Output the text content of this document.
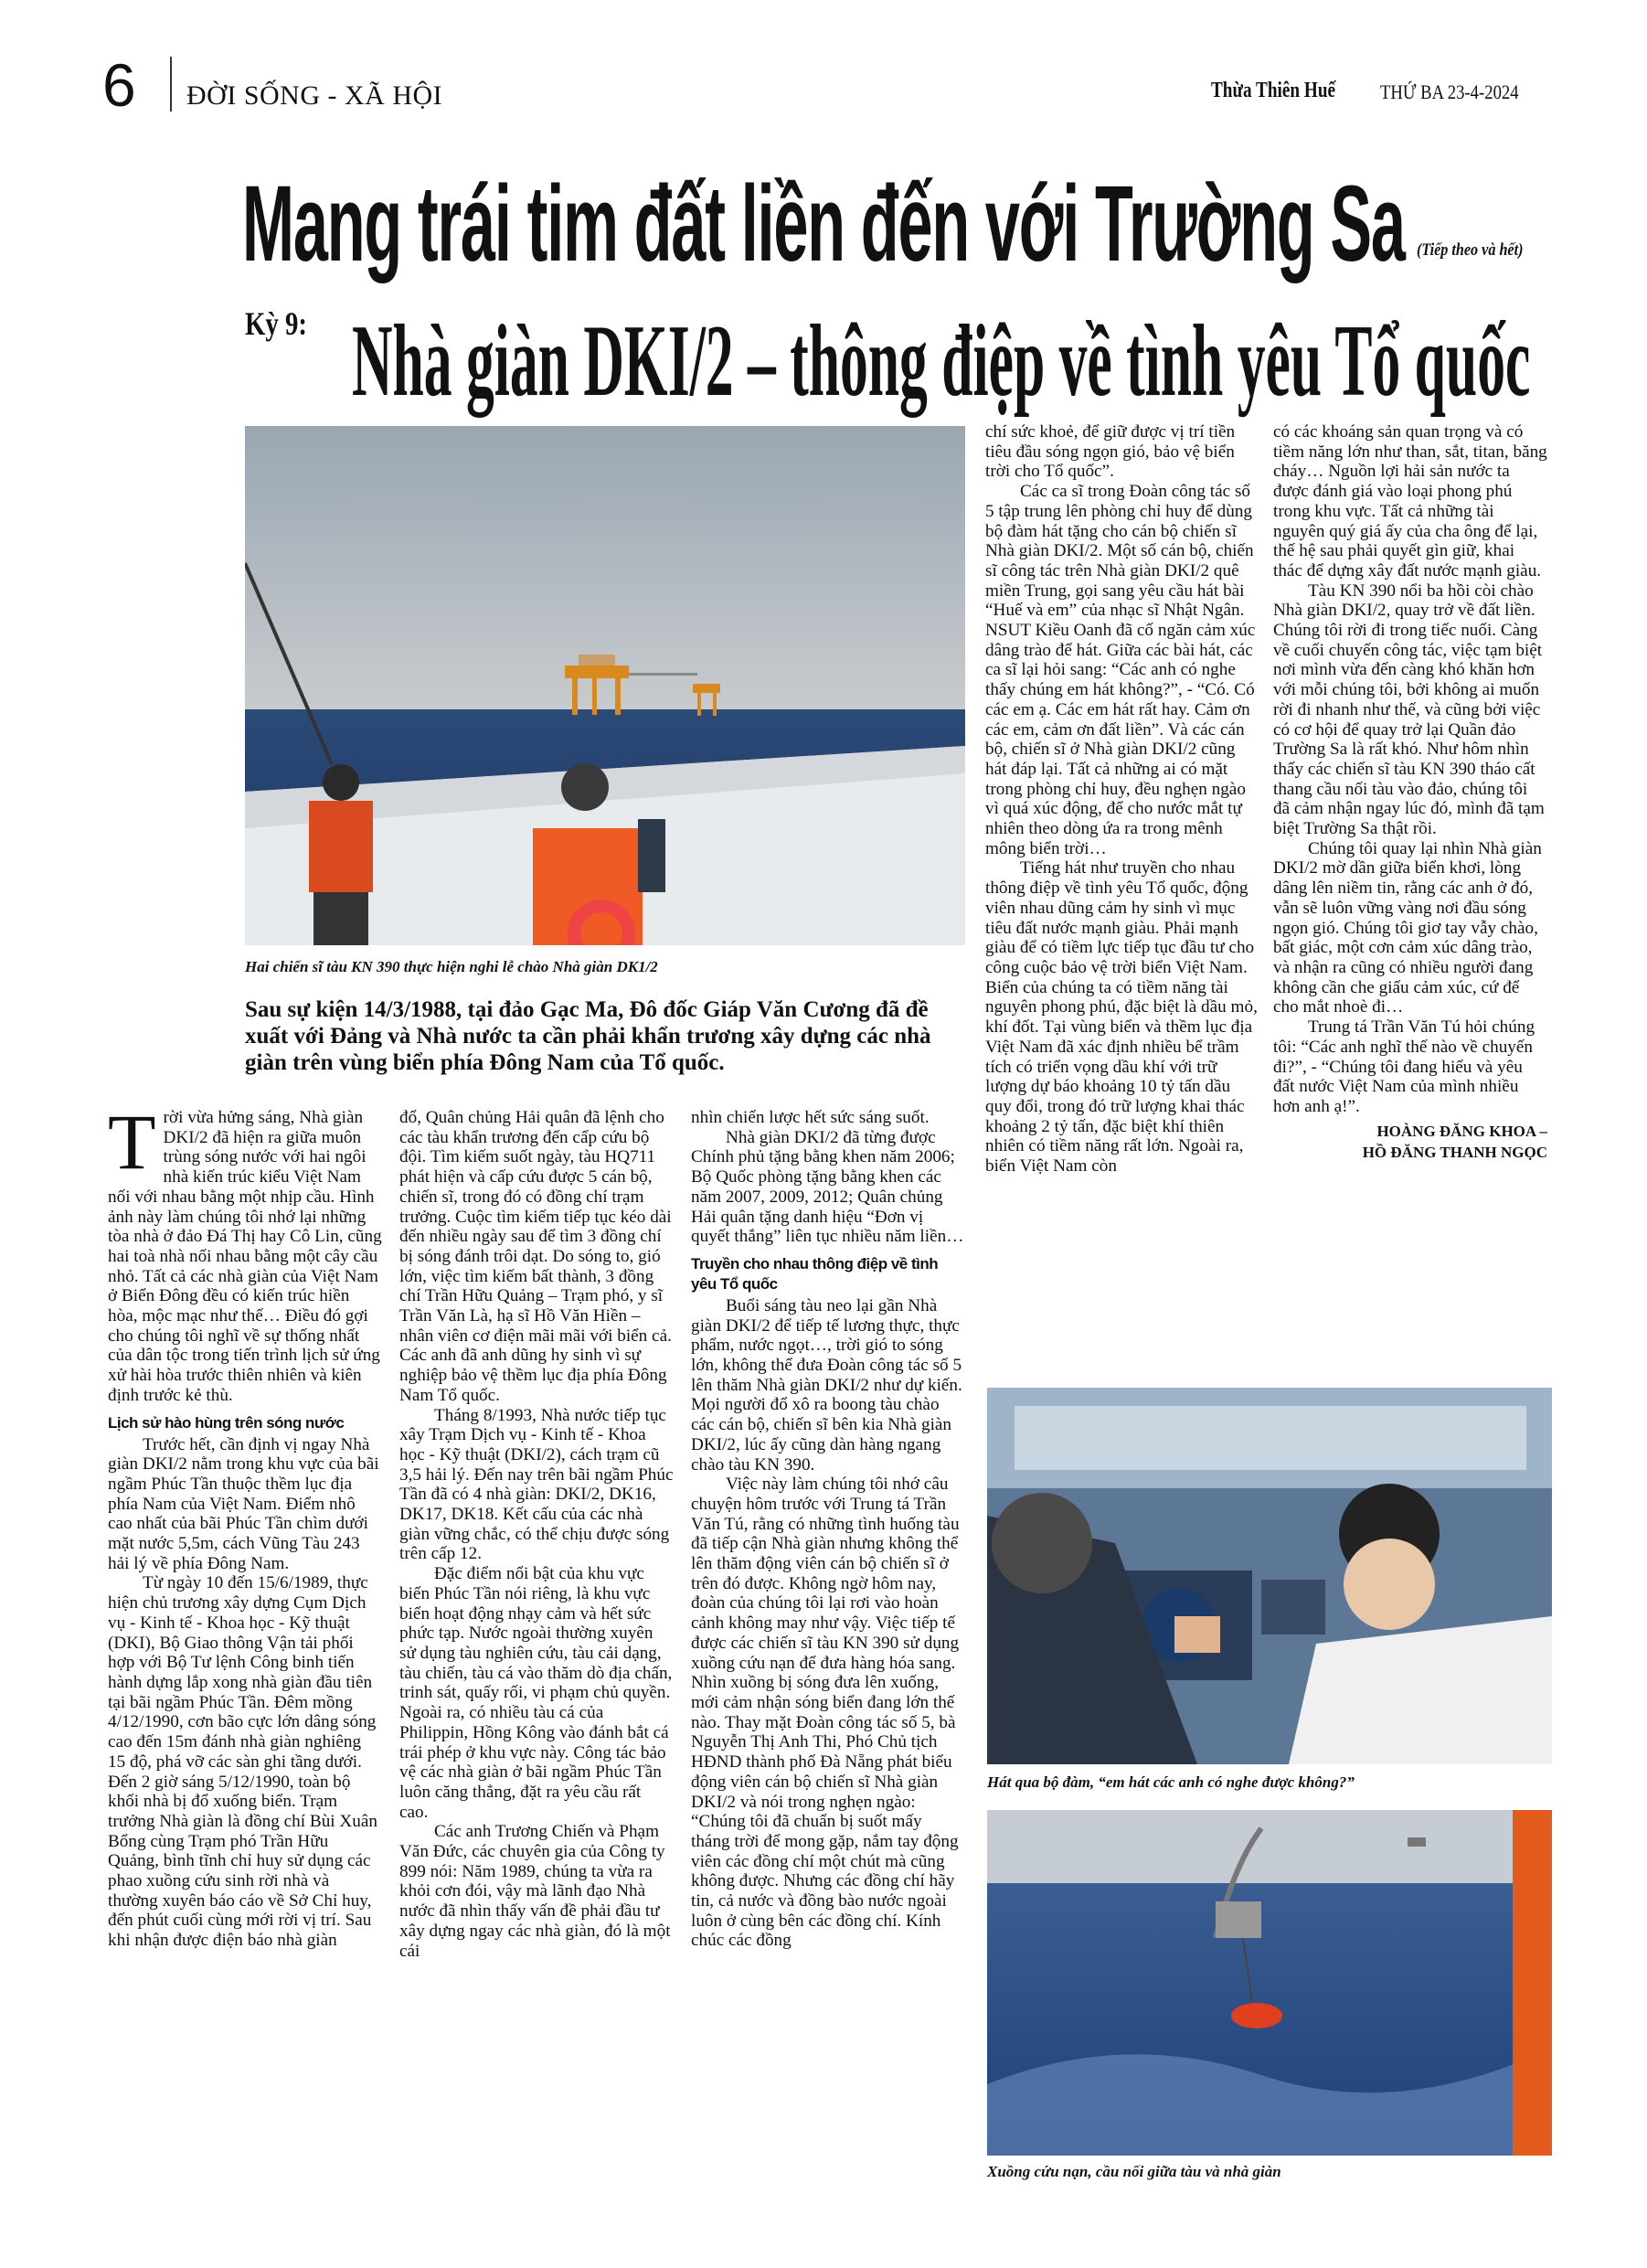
6 ĐỜI SỐNG - XÃ HỘI	Thừa Thiên Huế THỨ BA 23-4-2024
Mang trái tim đất liền đến với Trường Sa (Tiếp theo và hết)
Kỳ 9: Nhà giàn DKI/2 – thông điệp về tình yêu Tổ quốc
Hai chiến sĩ tàu KN 390 thực hiện nghi lễ chào Nhà giàn DK1/2
Sau sự kiện 14/3/1988, tại đảo Gạc Ma, Đô đốc Giáp Văn Cương đã đề xuất với Đảng và Nhà nước ta cần phải khẩn trương xây dựng các nhà giàn trên vùng biển phía Đông Nam của Tổ quốc.
T rời vừa hửng sáng, Nhà giàn DKI/2 đã hiện ra giữa muôn trùng sóng nước với hai ngôi nhà kiến trúc kiểu Việt Nam nối với nhau bằng một nhịp cầu. Hình ảnh này làm chúng tôi nhớ lại những tòa nhà ở đảo Đá Thị hay Cô Lin, cũng hai toà nhà nối nhau bằng một cây cầu nhỏ. Tất cả các nhà giàn của Việt Nam ở Biển Đông đều có kiến trúc hiền hòa, mộc mạc như thế… Điều đó gợi cho chúng tôi nghĩ về sự thống nhất của dân tộc trong tiến trình lịch sử ứng xử hài hòa trước thiên nhiên và kiên định trước kẻ thù.

Lịch sử hào hùng trên sóng nước

Trước hết, cần định vị ngay Nhà giàn DKI/2 nằm trong khu vực của bãi ngầm Phúc Tần thuộc thềm lục địa phía Nam của Việt Nam. Điểm nhô cao nhất của bãi Phúc Tần chìm dưới mặt nước 5,5m, cách Vũng Tàu 243 hải lý về phía Đông Nam.

Từ ngày 10 đến 15/6/1989, thực hiện chủ trương xây dựng Cụm Dịch vụ - Kinh tế - Khoa học - Kỹ thuật (DKI), Bộ Giao thông Vận tải phối hợp với Bộ Tư lệnh Công binh tiến hành dựng lắp xong nhà giàn đầu tiên tại bãi ngầm Phúc Tần. Đêm mồng 4/12/1990, cơn bão cực lớn dâng sóng cao đến 15m đánh nhà giàn nghiêng 15 độ, phá vỡ các sàn ghi tầng dưới. Đến 2 giờ sáng 5/12/1990, toàn bộ khối nhà bị đổ xuống biển. Trạm trưởng Nhà giàn là đồng chí Bùi Xuân Bổng cùng Trạm phó Trần Hữu Quảng, bình tĩnh chỉ huy sử dụng các phao xuồng cứu sinh rời nhà và thường xuyên báo cáo về Sở Chỉ huy, đến phút cuối cùng mới rời vị trí. Sau khi nhận được điện báo nhà giàn

đổ, Quân chủng Hải quân đã lệnh cho các tàu khẩn trương đến cấp cứu bộ đội. Tìm kiếm suốt ngày, tàu HQ711 phát hiện và cấp cứu được 5 cán bộ, chiến sĩ, trong đó có đồng chí trạm trưởng. Cuộc tìm kiếm tiếp tục kéo dài đến nhiều ngày sau để tìm 3 đồng chí bị sóng đánh trôi dạt. Do sóng to, gió lớn, việc tìm kiếm bất thành, 3 đồng chí Trần Hữu Quảng – Trạm phó, y sĩ Trần Văn Là, hạ sĩ Hồ Văn Hiền – nhân viên cơ điện mãi mãi với biển cả. Các anh đã anh dũng hy sinh vì sự nghiệp bảo vệ thềm lục địa phía Đông Nam Tổ quốc.

Tháng 8/1993, Nhà nước tiếp tục xây Trạm Dịch vụ - Kinh tế - Khoa học - Kỹ thuật (DKI/2), cách trạm cũ 3,5 hải lý. Đến nay trên bãi ngầm Phúc Tần đã có 4 nhà giàn: DKI/2, DK16, DK17, DK18. Kết cấu của các nhà giàn vững chắc, có thể chịu được sóng trên cấp 12.

Đặc điểm nổi bật của khu vực biển Phúc Tần nói riêng, là khu vực biển hoạt động nhạy cảm và hết sức phức tạp. Nước ngoài thường xuyên sử dụng tàu nghiên cứu, tàu cải dạng, tàu chiến, tàu cá vào thăm dò địa chấn, trinh sát, quấy rối, vi phạm chủ quyền. Ngoài ra, có nhiều tàu cá của Philippin, Hồng Kông vào đánh bắt cá trái phép ở khu vực này. Công tác bảo vệ các nhà giàn ở bãi ngầm Phúc Tần luôn căng thẳng, đặt ra yêu cầu rất cao.

Các anh Trương Chiến và Phạm Văn Đức, các chuyên gia của Công ty 899 nói: Năm 1989, chúng ta vừa ra khỏi cơn đói, vậy mà lãnh đạo Nhà nước đã nhìn thấy vấn đề phải đầu tư xây dựng ngay các nhà giàn, đó là một cái

nhìn chiến lược hết sức sáng suốt.

Nhà giàn DKI/2 đã từng được Chính phủ tặng bằng khen năm 2006; Bộ Quốc phòng tặng bằng khen các năm 2007, 2009, 2012; Quân chủng Hải quân tặng danh hiệu “Đơn vị quyết thắng” liên tục nhiều năm liền…

Truyền cho nhau thông điệp về tình yêu Tổ quốc

Buổi sáng tàu neo lại gần Nhà giàn DKI/2 để tiếp tế lương thực, thực phẩm, nước ngọt…, trời gió to sóng lớn, không thể đưa Đoàn công tác số 5 lên thăm Nhà giàn DKI/2 như dự kiến. Mọi người đổ xô ra boong tàu chào các cán bộ, chiến sĩ bên kia Nhà giàn DKI/2, lúc ấy cũng dàn hàng ngang chào tàu KN 390.

Việc này làm chúng tôi nhớ câu chuyện hôm trước với Trung tá Trần Văn Tú, rằng có những tình huống tàu đã tiếp cận Nhà giàn nhưng không thể lên thăm động viên cán bộ chiến sĩ ở trên đó được. Không ngờ hôm nay, đoàn của chúng tôi lại rơi vào hoàn cảnh không may như vậy. Việc tiếp tế được các chiến sĩ tàu KN 390 sử dụng xuồng cứu nạn để đưa hàng hóa sang. Nhìn xuồng bị sóng đưa lên xuống, mới cảm nhận sóng biển đang lớn thế nào. Thay mặt Đoàn công tác số 5, bà Nguyễn Thị Anh Thi, Phó Chủ tịch HĐND thành phố Đà Nẵng phát biểu động viên cán bộ chiến sĩ Nhà giàn DKI/2 và nói trong nghẹn ngào: “Chúng tôi đã chuẩn bị suốt mấy tháng trời để mong gặp, nắm tay động viên các đồng chí một chút mà cũng không được. Nhưng các đồng chí hãy tin, cả nước và đồng bào nước ngoài luôn ở cùng bên các đồng chí. Kính chúc các đồng

chí sức khoẻ, để giữ được vị trí tiền tiêu đầu sóng ngọn gió, bảo vệ biển trời cho Tổ quốc”.

Các ca sĩ trong Đoàn công tác số 5 tập trung lên phòng chỉ huy để dùng bộ đàm hát tặng cho cán bộ chiến sĩ Nhà giàn DKI/2. Một số cán bộ, chiến sĩ công tác trên Nhà giàn DKI/2 quê miền Trung, gọi sang yêu cầu hát bài “Huế và em” của nhạc sĩ Nhật Ngân. NSUT Kiều Oanh đã cố ngăn cảm xúc dâng trào để hát. Giữa các bài hát, các ca sĩ lại hỏi sang: “Các anh có nghe thấy chúng em hát không?”, - “Có. Có các em ạ. Các em hát rất hay. Cảm ơn các em, cảm ơn đất liền”. Và các cán bộ, chiến sĩ ở Nhà giàn DKI/2 cũng hát đáp lại. Tất cả những ai có mặt trong phòng chỉ huy, đều nghẹn ngào vì quá xúc động, để cho nước mắt tự nhiên theo dòng ứa ra trong mênh mông biển trời…

Tiếng hát như truyền cho nhau thông điệp về tình yêu Tổ quốc, động viên nhau dũng cảm hy sinh vì mục tiêu đất nước mạnh giàu. Phải mạnh giàu để có tiềm lực tiếp tục đầu tư cho công cuộc bảo vệ trời biển Việt Nam. Biển của chúng ta có tiềm năng tài nguyên phong phú, đặc biệt là dầu mỏ, khí đốt. Tại vùng biển và thềm lục địa Việt Nam đã xác định nhiều bể trầm tích có triển vọng dầu khí với trữ lượng dự báo khoảng 10 tỷ tấn dầu quy đổi, trong đó trữ lượng khai thác khoảng 2 tỷ tấn, đặc biệt khí thiên nhiên có tiềm năng rất lớn. Ngoài ra, biển Việt Nam còn

có các khoáng sản quan trọng và có tiềm năng lớn như than, sắt, titan, băng cháy… Nguồn lợi hải sản nước ta được đánh giá vào loại phong phú trong khu vực. Tất cả những tài nguyên quý giá ấy của cha ông để lại, thế hệ sau phải quyết gìn giữ, khai thác để dựng xây đất nước mạnh giàu.

Tàu KN 390 nổi ba hồi còi chào Nhà giàn DKI/2, quay trở về đất liền. Chúng tôi rời đi trong tiếc nuối. Càng về cuối chuyến công tác, việc tạm biệt nơi mình vừa đến càng khó khăn hơn với mỗi chúng tôi, bởi không ai muốn rời đi nhanh như thế, và cũng bởi việc có cơ hội để quay trở lại Quần đảo Trường Sa là rất khó. Như hôm nhìn thấy các chiến sĩ tàu KN 390 tháo cất thang cầu nối tàu vào đảo, chúng tôi đã cảm nhận ngay lúc đó, mình đã tạm biệt Trường Sa thật rồi.

Chúng tôi quay lại nhìn Nhà giàn DKI/2 mờ dần giữa biển khơi, lòng dâng lên niềm tin, rằng các anh ở đó, vẫn sẽ luôn vững vàng nơi đầu sóng ngọn gió. Chúng tôi giơ tay vẫy chào, bất giác, một cơn cảm xúc dâng trào, và nhận ra cũng có nhiều người đang không cần che giấu cảm xúc, cứ để cho mắt nhoè đi…

Trung tá Trần Văn Tú hỏi chúng tôi: “Các anh nghĩ thế nào về chuyến đi?”, - “Chúng tôi đang hiểu và yêu đất nước Việt Nam của mình nhiều hơn anh ạ!”.

HOÀNG ĐĂNG KHOA –
HỒ ĐĂNG THANH NGỌC
Hát qua bộ đàm, “em hát các anh có nghe được không?”
Xuồng cứu nạn, cầu nối giữa tàu và nhà giàn
